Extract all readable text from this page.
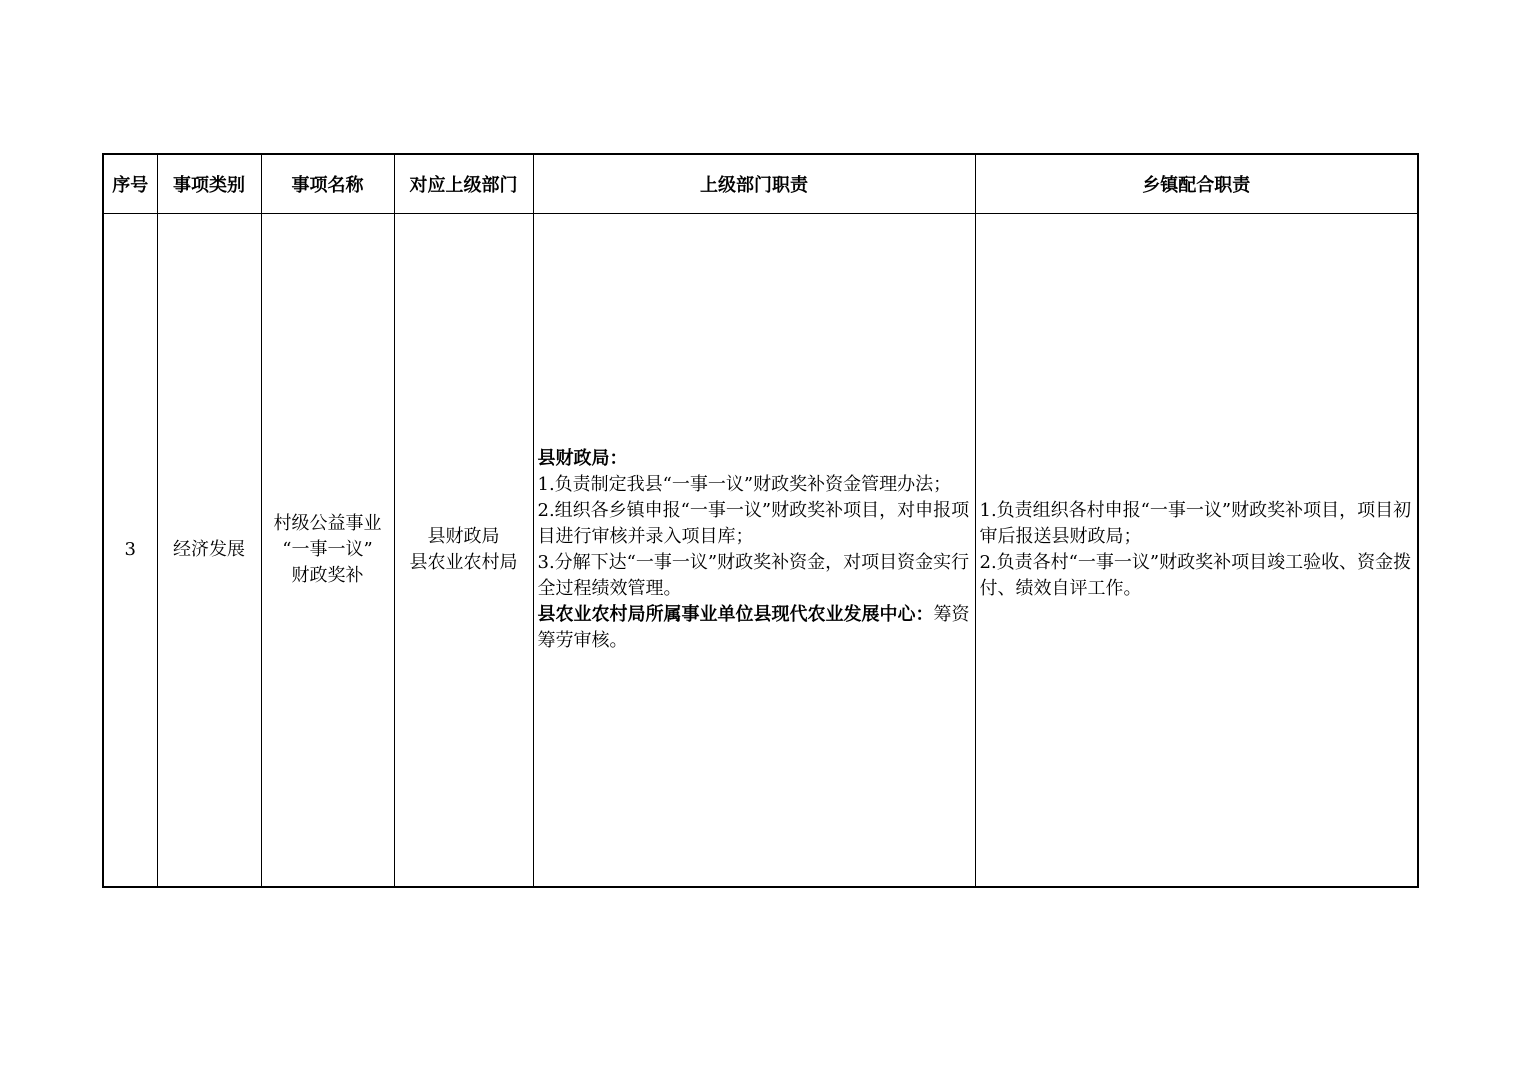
序号	事项类别	事项名称	对应上级部门	上级部门职责	乡镇配合职责
3	经济发展	村级公益事业
“一事一议”
财政奖补	县财政局
县农业农村局	县财政局：
1.负责制定我县“一事一议”财政奖补资金管理办法；
2.组织各乡镇申报“一事一议”财政奖补项目，对申报项目进行审核并录入项目库；
3.分解下达“一事一议”财政奖补资金，对项目资金实行全过程绩效管理。
县农业农村局所属事业单位县现代农业发展中心：筹资筹劳审核。	1.负责组织各村申报“一事一议”财政奖补项目，项目初审后报送县财政局；
2.负责各村“一事一议”财政奖补项目竣工验收、资金拨付、绩效自评工作。
